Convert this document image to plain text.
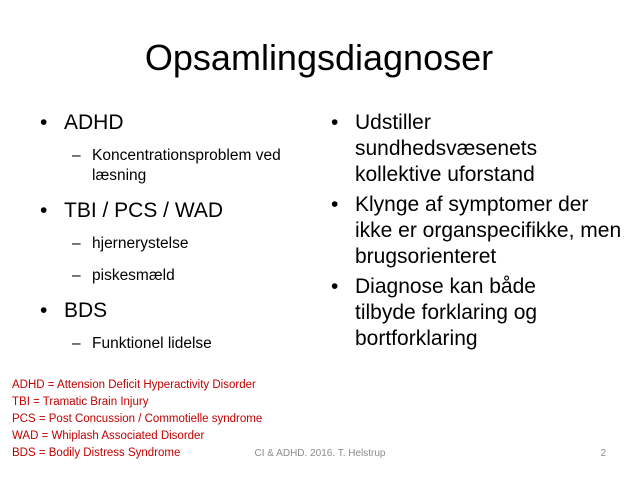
Opsamlingsdiagnoser
• ADHD
– Koncentrationsproblem ved læsning
• TBI / PCS / WAD
– hjernerystelse
– piskesmæld
• BDS
– Funktionel lidelse
• Udstiller sundhedsvæsenets kollektive uforstand
• Klynge af symptomer der ikke er organspecifikke, men brugsorienteret
• Diagnose kan både tilbyde forklaring og bortforklaring
ADHD = Attension Deficit Hyperactivity Disorder
TBI = Tramatic Brain Injury
PCS = Post Concussion / Commotielle syndrome
WAD = Whiplash Associated Disorder
BDS = Bodily Distress Syndrome	CI & ADHD. 2016. T. Helstrup	2
